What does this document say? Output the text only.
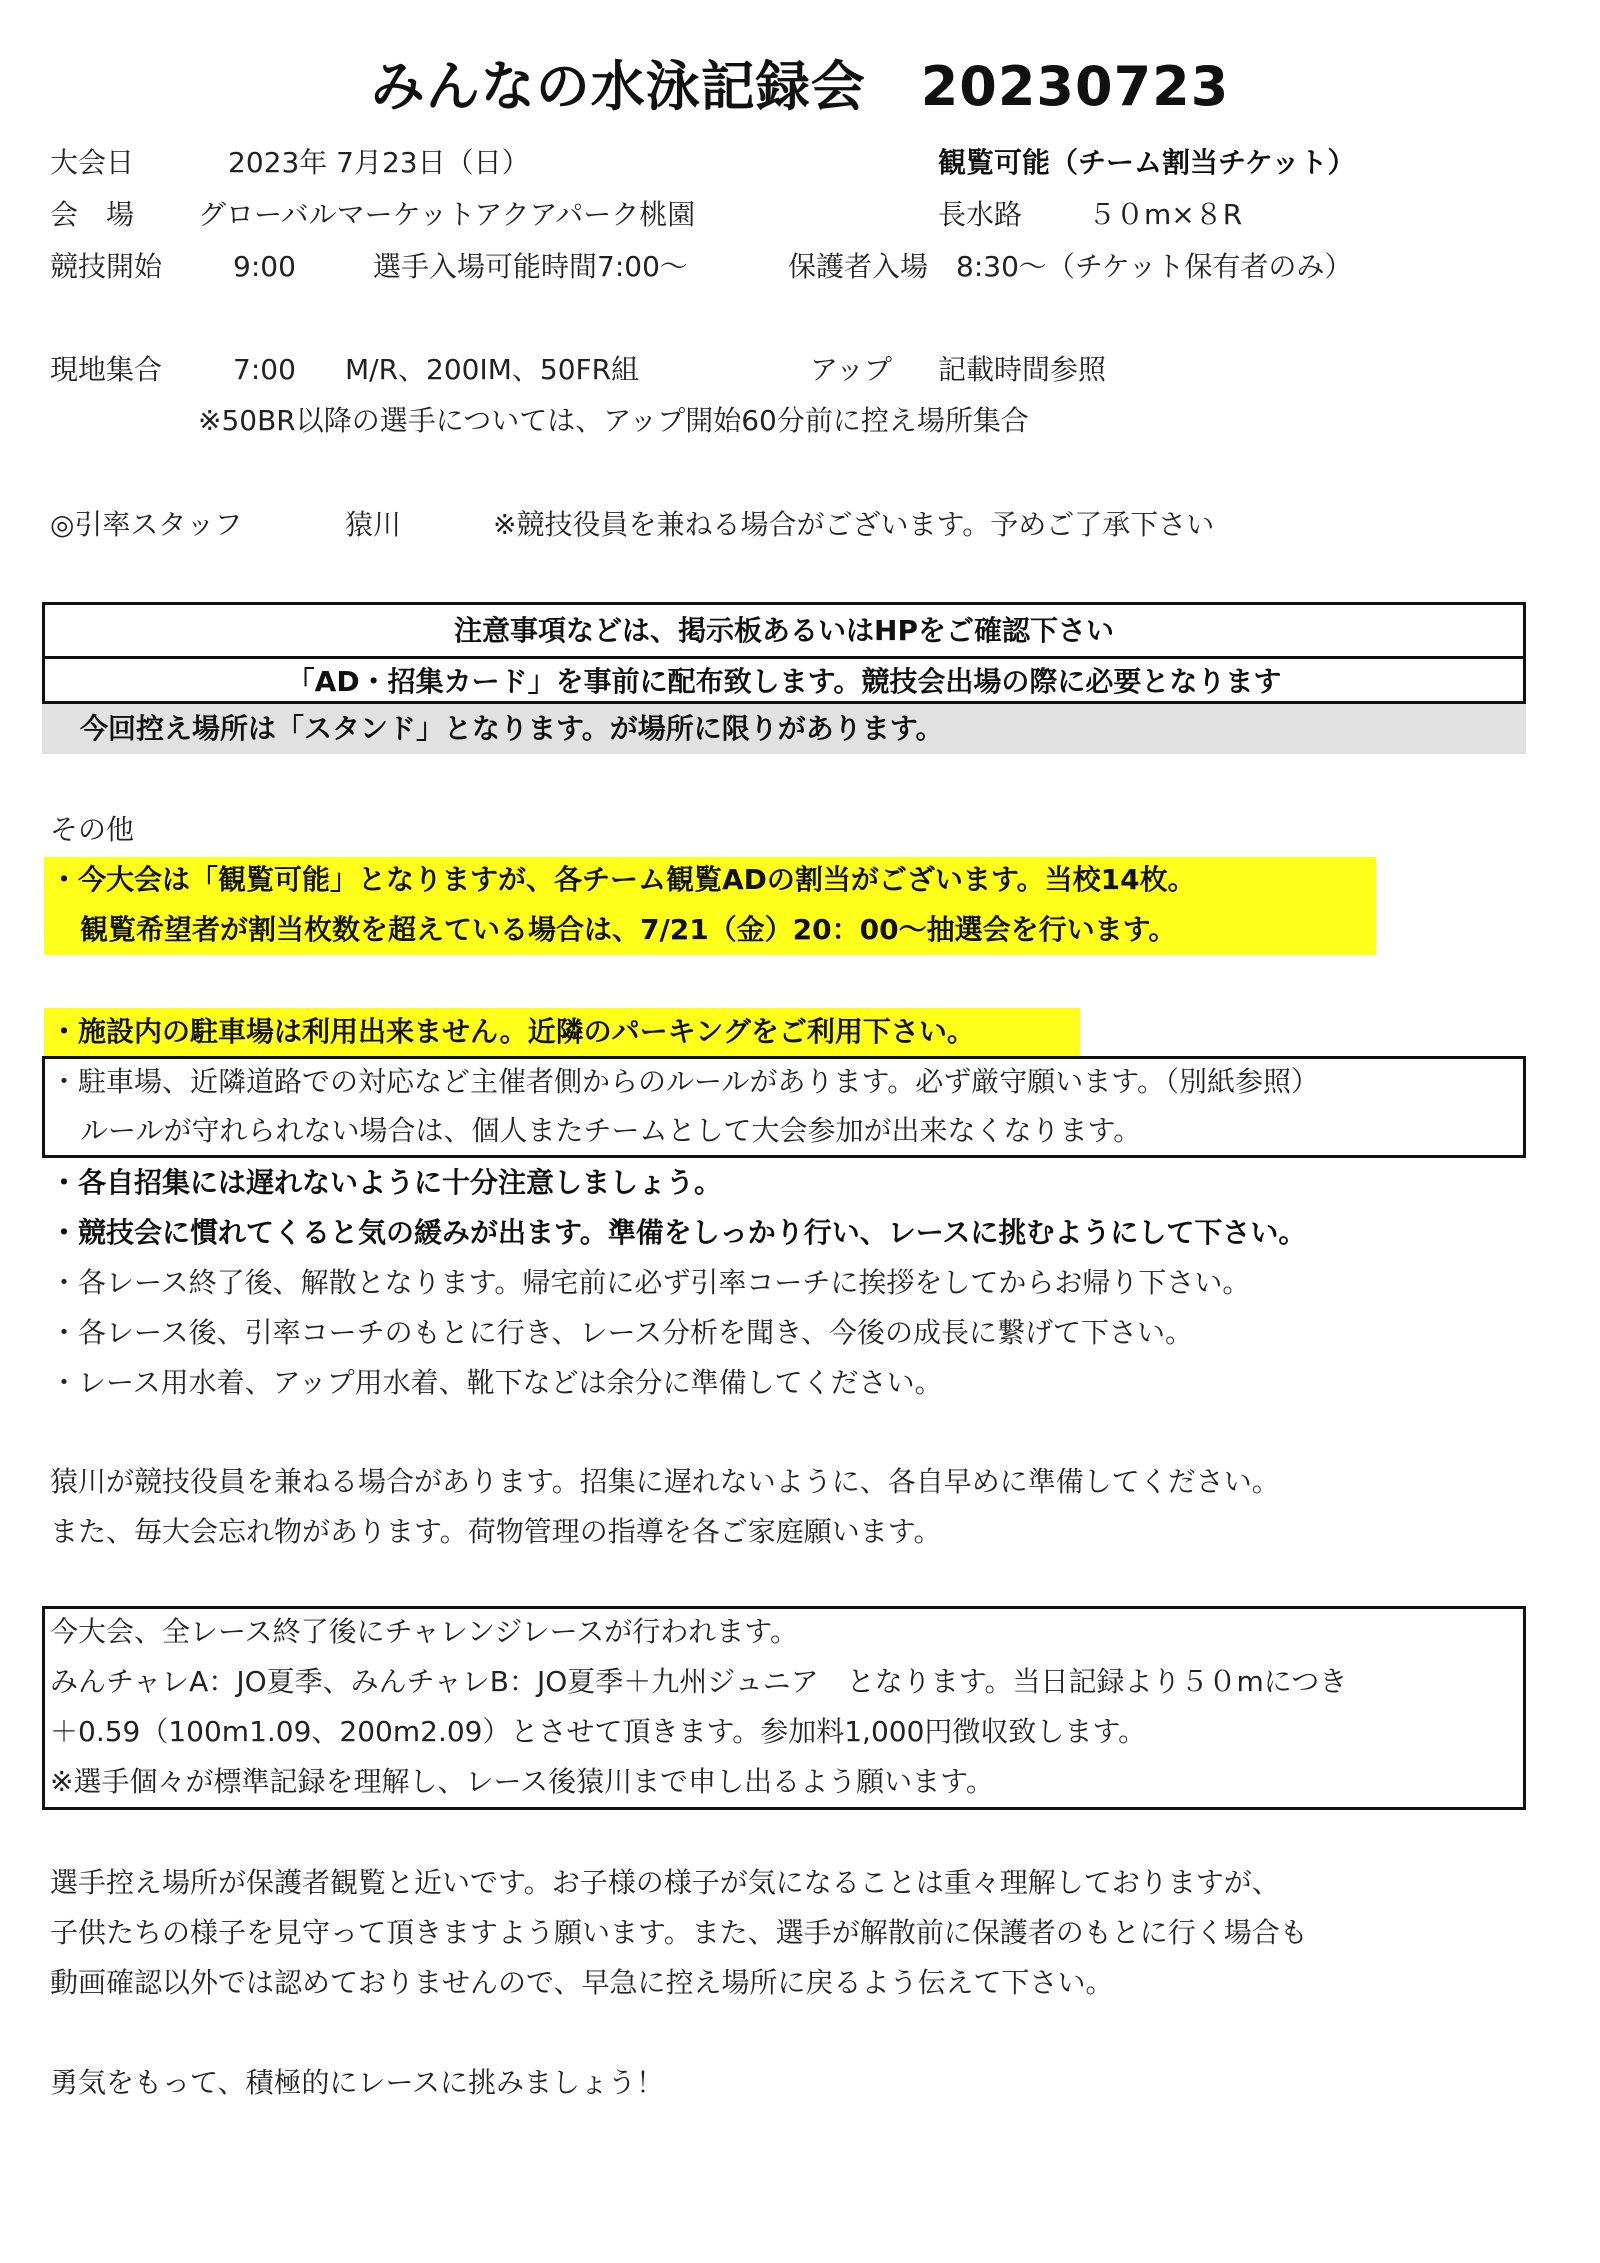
みんなの水泳記録会　20230723
大会日	2023年 7月23日（日）	観覧可能（チーム割当チケット）
会　場 グローバルマーケットアクアパーク桃園	長水路 ５０m×８R
競技開始	9:00	選手入場可能時間7:00～	保護者入場　8:30～（チケット保有者のみ）
現地集合	7:00 M/R、200IM、50FR組	アップ 記載時間参照
※50BR以降の選手については、アップ開始60分前に控え場所集合
◎引率スタッフ	猿川	※競技役員を兼ねる場合がございます。予めご了承下さい
注意事項などは、掲示板あるいはHPをご確認下さい
「AD・招集カード」を事前に配布致します。競技会出場の際に必要となります
今回控え場所は「スタンド」となります。が場所に限りがあります。
その他
・今大会は「観覧可能」となりますが、各チーム観覧ADの割当がございます。当校14枚。
観覧希望者が割当枚数を超えている場合は、7/21（金）20：00～抽選会を行います。
・施設内の駐車場は利用出来ません。近隣のパーキングをご利用下さい。
・駐車場、近隣道路での対応など主催者側からのルールがあります。必ず厳守願います。（別紙参照）
ルールが守れられない場合は、個人またチームとして大会参加が出来なくなります。
・各自招集には遅れないように十分注意しましょう。
・競技会に慣れてくると気の緩みが出ます。準備をしっかり行い、レースに挑むようにして下さい。
・各レース終了後、解散となります。帰宅前に必ず引率コーチに挨拶をしてからお帰り下さい。
・各レース後、引率コーチのもとに行き、レース分析を聞き、今後の成長に繋げて下さい。
・レース用水着、アップ用水着、靴下などは余分に準備してください。
猿川が競技役員を兼ねる場合があります。招集に遅れないように、各自早めに準備してください。
また、毎大会忘れ物があります。荷物管理の指導を各ご家庭願います。
今大会、全レース終了後にチャレンジレースが行われます。
みんチャレA：JO夏季、みんチャレB：JO夏季＋九州ジュニア　となります。当日記録より５０mにつき
＋0.59（100m1.09、200m2.09）とさせて頂きます。参加料1,000円徴収致します。
※選手個々が標準記録を理解し、レース後猿川まで申し出るよう願います。
選手控え場所が保護者観覧と近いです。お子様の様子が気になることは重々理解しておりますが、
子供たちの様子を見守って頂きますよう願います。また、選手が解散前に保護者のもとに行く場合も
動画確認以外では認めておりませんので、早急に控え場所に戻るよう伝えて下さい。
勇気をもって、積極的にレースに挑みましょう！
